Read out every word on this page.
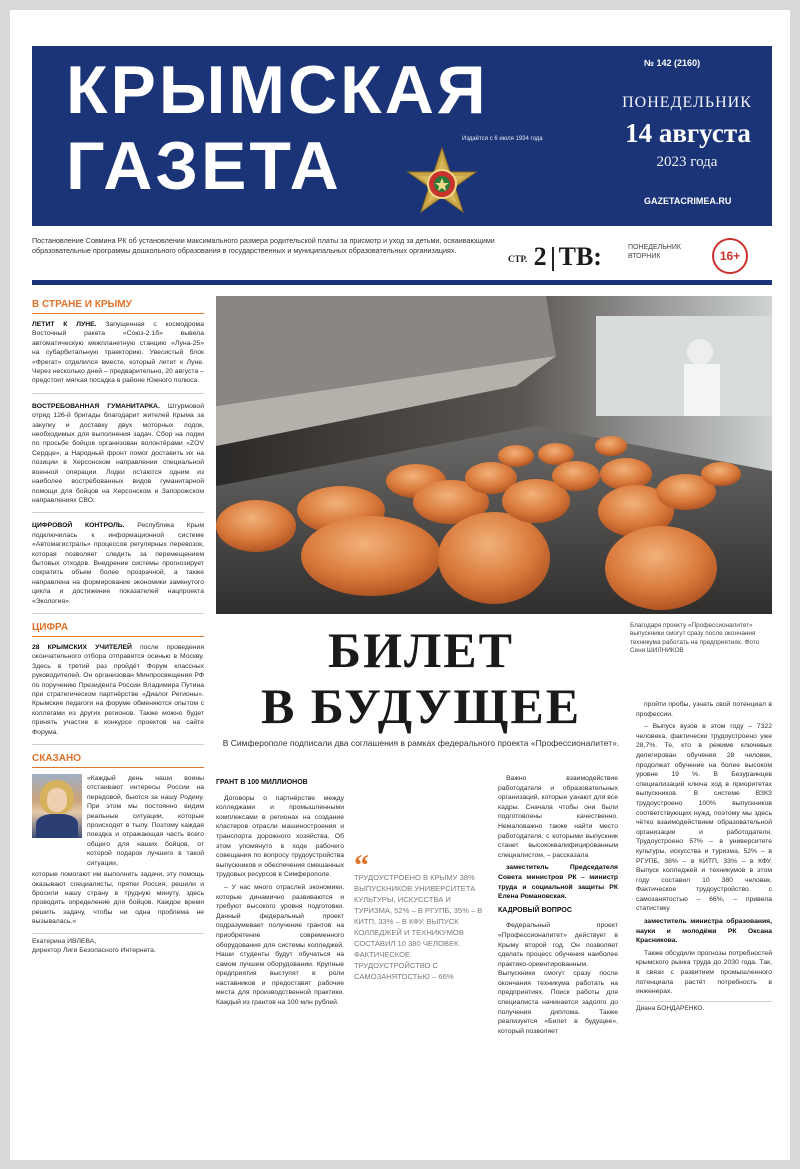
КРЫМСКАЯ
ГАЗЕТА	Издаётся с 6 июля 1934 года
№ 142 (2160)
ПОНЕДЕЛЬНИК
14 августа
2023 года
GAZETACRIMEA.RU
Постановление Совмина РК об установлении максимального размера родительской платы за присмотр и уход за детьми, осваивающими образовательные программы дошкольного образования в государственных и муниципальных образовательных организациях.
СТР. 2 ТВ:	ПОНЕДЕЛЬНИК ВТОРНИК	16+
В СТРАНЕ И КРЫМУ
ЛЕТИТ К ЛУНЕ. Запущенная с космодрома Восточный ракета «Союз-2.1б» вывела автоматическую межпланетную станцию «Луна-25» на субарбитальную траекторию. Увесистый блок «Фрегат» отделился вместе, который летит к Луне. Через несколько дней – предварительно, 20 августа – предстоит мягкая посадка в районе Южного полюса.
ВОСТРЕБОВАННАЯ ГУМАНИТАРКА. Штурмовой отряд 126-й бригады благодарит жителей Крыма за закупку и доставку двух моторных лодок, необходимых для выполнения задач. Сбор на лодки по просьбе бойцов организован волонтёрами «ZOV Сердце», а Народный фронт помог доставить их на позиции в Херсонском направлении специальной военной операции. Лодки остаются одним из наиболее востребованных видов гуманитарной помощи для бойцов на Херсонском и Запорожском направлениях СВО.
ЦИФРОВОЙ КОНТРОЛЬ. Республика Крым подключилась к информационной системе «Автомагистраль» процессов регулярных перевозок, которая позволяет следить за перемещением бытовых отходов. Внедрение системы прогнозирует сократить объем более прозрачной, а также направлена на формирование экономики замкнутого цикла и достижение показателей нацпроекта «Экология».
ЦИФРА
28 КРЫМСКИХ УЧИТЕЛЕЙ после проведения окончательного отбора отправятся осенью в Москву. Здесь в третий раз пройдёт Форум классных руководителей. Он организован Минпросвещения РФ по поручению Президента России Владимира Путина при стратегическом партнёрстве «Диалог Регионы». Крымские педагоги на форуме обменяются опытом с коллегами из других регионов. Также можно будет принять участие в конкурсе проектов на сайте Форума.
СКАЗАНО
«Каждый день наши воины отстаивают интересы России на передовой, бьются за нашу Родину. При этом мы постоянно видим реальные ситуации, которые происходят в тылу. Поэтому каждая поездка и отражающая часть всего общего для наших бойцов, от которой подарок лучшего в такой ситуации,
которые помогают им выполнить задачи, эту помощь оказывают специалисты, прятки Россия, решили и бросили нашу страну в трудную минуту, здесь проводить определение для бойцов. Каждое время решить задачу, чтобы ни одна проблема не вызывалась.»
Екатерина ИВЛЕВА,
директор Лиги Безопасного Интернета.
Благодаря проекту «Профессионалитет» выпускники смогут сразу после окончания техникума работать на предприятиях. Фото Сеня ШИЛНИКОВ
БИЛЕТ
В БУДУЩЕЕ
В Симферополе подписали два соглашения в рамках федерального проекта «Профессионалитет».
ГРАНТ В 100 МИЛЛИОНОВ

Договоры о партнёрстве между колледжами и промышленными комплексами в регионах на создание кластеров отрасли машиностроения и транспорта дорожного хозяйства. Об этом упомянуто в ходе рабочего совещания по вопросу трудоустройства выпускников и обеспечения смешанных трудовых ресурсов в Симферополе.

– У нас много отраслей экономики, которые динамично развиваются и требуют высокого уровня подготовки. Данный федеральный проект подразумевает получение грантов на приобретение современного оборудования для системы колледжей. Наши студенты будут обучаться на самом лучшем оборудовании. Крупные предприятия выступят в роли наставников и предоставят рабочие места для производственной практики. Каждый из грантов на 100 млн рублей.

“
ТРУДОУСТРОЕНО В КРЫМУ 38% ВЫПУСКНИКОВ УНИВЕРСИТЕТА КУЛЬТУРЫ, ИСКУССТВА И ТУРИЗМА, 52% – В РГУПБ, 35% – В КИТП, 33% – В КФУ. ВЫПУСК КОЛЛЕДЖЕЙ И ТЕХНИКУМОВ СОСТАВИЛ 10 380 ЧЕЛОВЕК. ФАКТИЧЕСКОЕ ТРУДОУСТРОЙСТВО С САМОЗАНЯТОСТЬЮ – 66%

Важно взаимодействие работодателя и образовательных организаций, которые узнают для все кадры. Сначала чтобы они были подготовлены качественно. Немаловажно также найти место работодателя, с которыми выпускник станет высококвалифицированным специалистом, – рассказала

заместитель Председателя Совета министров РК – министр труда и социальной защиты РК Елена Романовская.

КАДРОВЫЙ ВОПРОС

Федеральный проект «Профессионалитет» действует в Крыму второй год. Он позволяет сделать процесс обучения наиболее практико-ориентированным. Выпускники смогут сразу после окончания техникума работать на предприятиях. Поиск работы для специалиста начинается задолго до получения диплома. Также реализуется «Билет в будущее», который позволяет

пройти пробы, узнать свой потенциал в профессии.

– Выпуск вузов в этом году – 7322 человека, фактически трудоустроено уже 28,7%. Те, кто в режиме ключевых делегирован обучения 28 человек, продолжат обучение на более высоком уровне 19 %. В Безураинцев специализаций ключа ход в приоритетах выпускников. В системе ВЗКЗ трудоустроено 100% выпускников соответствующих нужд, поэтому мы здесь чётко взаимодействием образовательной организации и работодателя. Трудоустроено 57% – в университете культуры, искусства и туризма, 52% – в РГУПБ, 38% – в КИТП, 33% – в КФУ. Выпуск колледжей и техникумов в этом году составил 10 380 человек. Фактическое трудоустройство с самозанятостью – 66%, – привела статистику

заместитель министра образования, науки и молодёжи РК Оксана Красникова.

Также обсудили прогнозы потребностей крымского рынка труда до 2030 года. Так, в связи с развитием промышленного потенциала растёт потребность в инженерах.

Диана БОНДАРЕНКО.
